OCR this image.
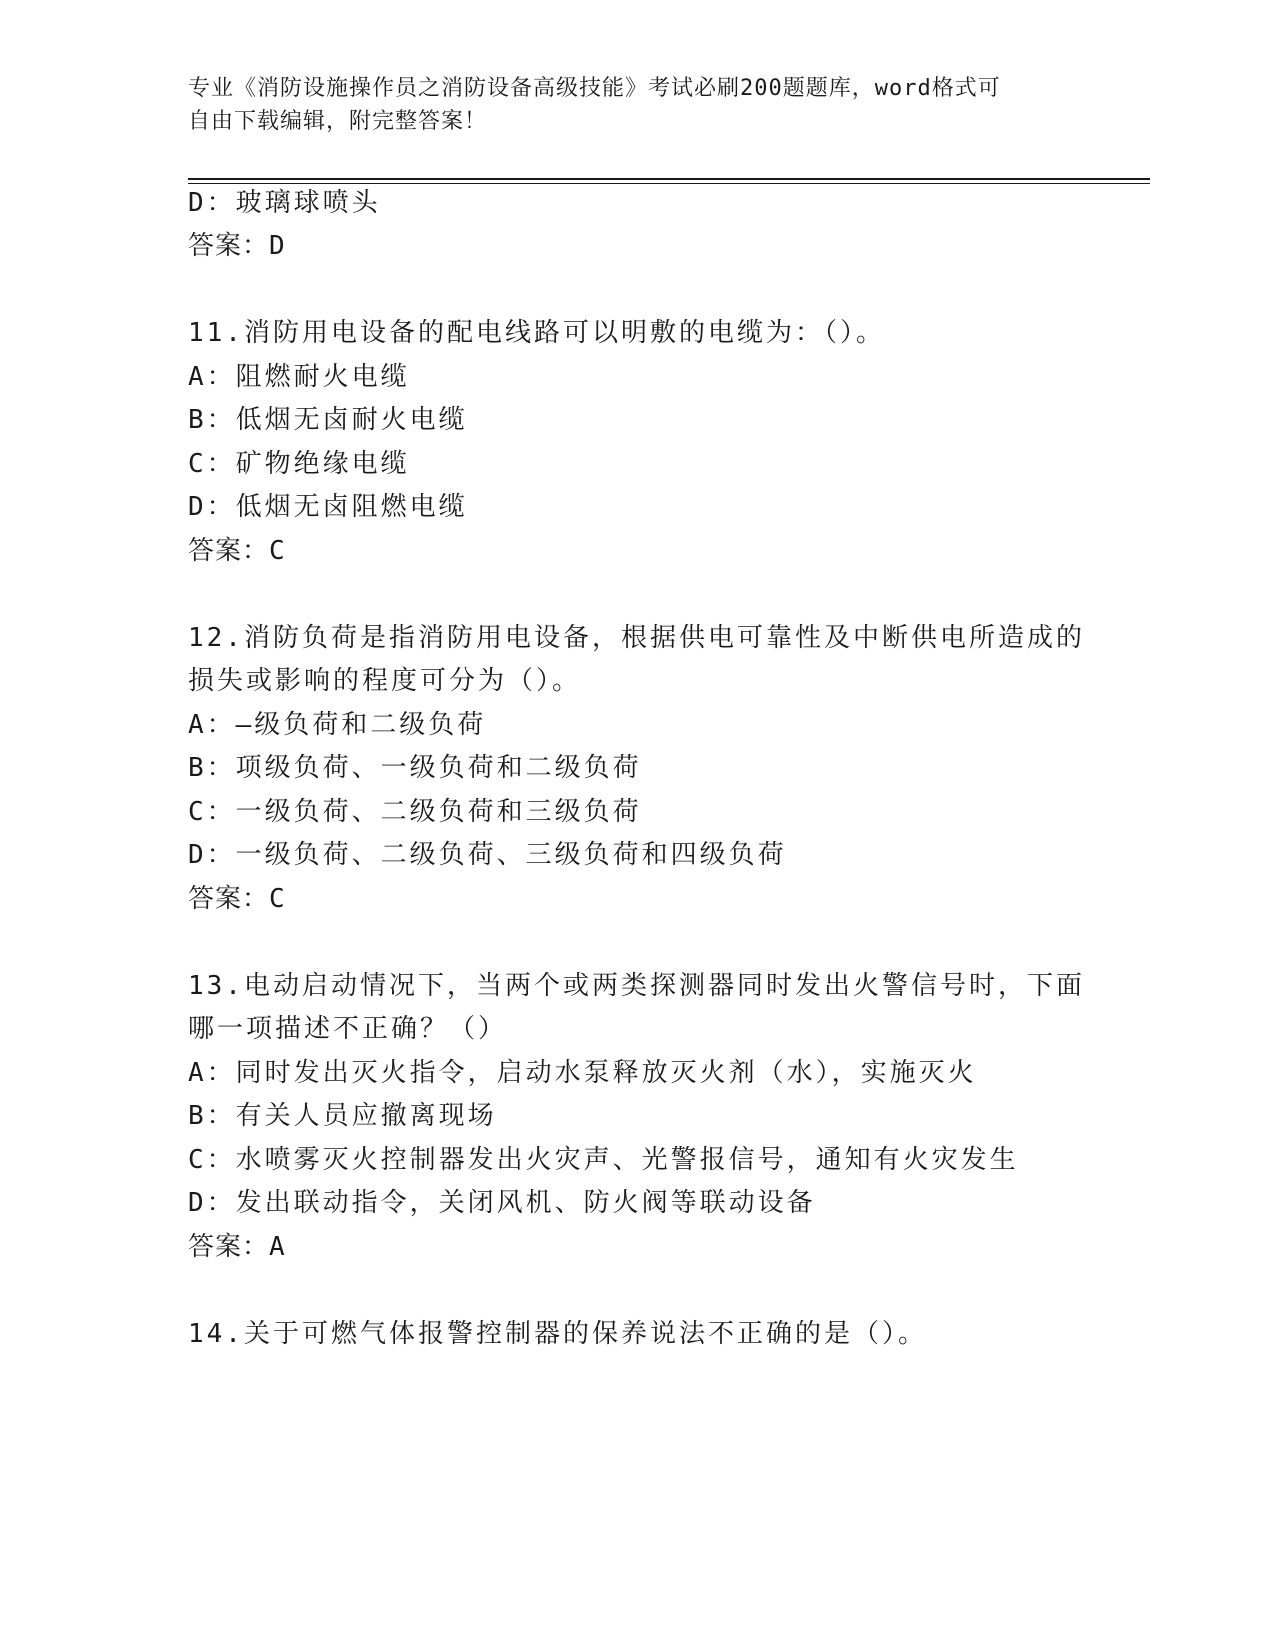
专业《消防设施操作员之消防设备高级技能》考试必刷200题题库，word格式可
自由下载编辑，附完整答案！
D：玻璃球喷头
答案：D
11.消防用电设备的配电线路可以明敷的电缆为：（）。
A：阻燃耐火电缆
B：低烟无卤耐火电缆
C：矿物绝缘电缆
D：低烟无卤阻燃电缆
答案：C
12.消防负荷是指消防用电设备，根据供电可靠性及中断供电所造成的
损失或影响的程度可分为（）。
A：—级负荷和二级负荷
B：项级负荷、一级负荷和二级负荷
C：一级负荷、二级负荷和三级负荷
D：一级负荷、二级负荷、三级负荷和四级负荷
答案：C
13.电动启动情况下，当两个或两类探测器同时发出火警信号时，下面
哪一项描述不正确？（）
A：同时发出灭火指令，启动水泵释放灭火剂（水），实施灭火
B：有关人员应撤离现场
C：水喷雾灭火控制器发出火灾声、光警报信号，通知有火灾发生
D：发出联动指令，关闭风机、防火阀等联动设备
答案：A
14.关于可燃气体报警控制器的保养说法不正确的是（）。
